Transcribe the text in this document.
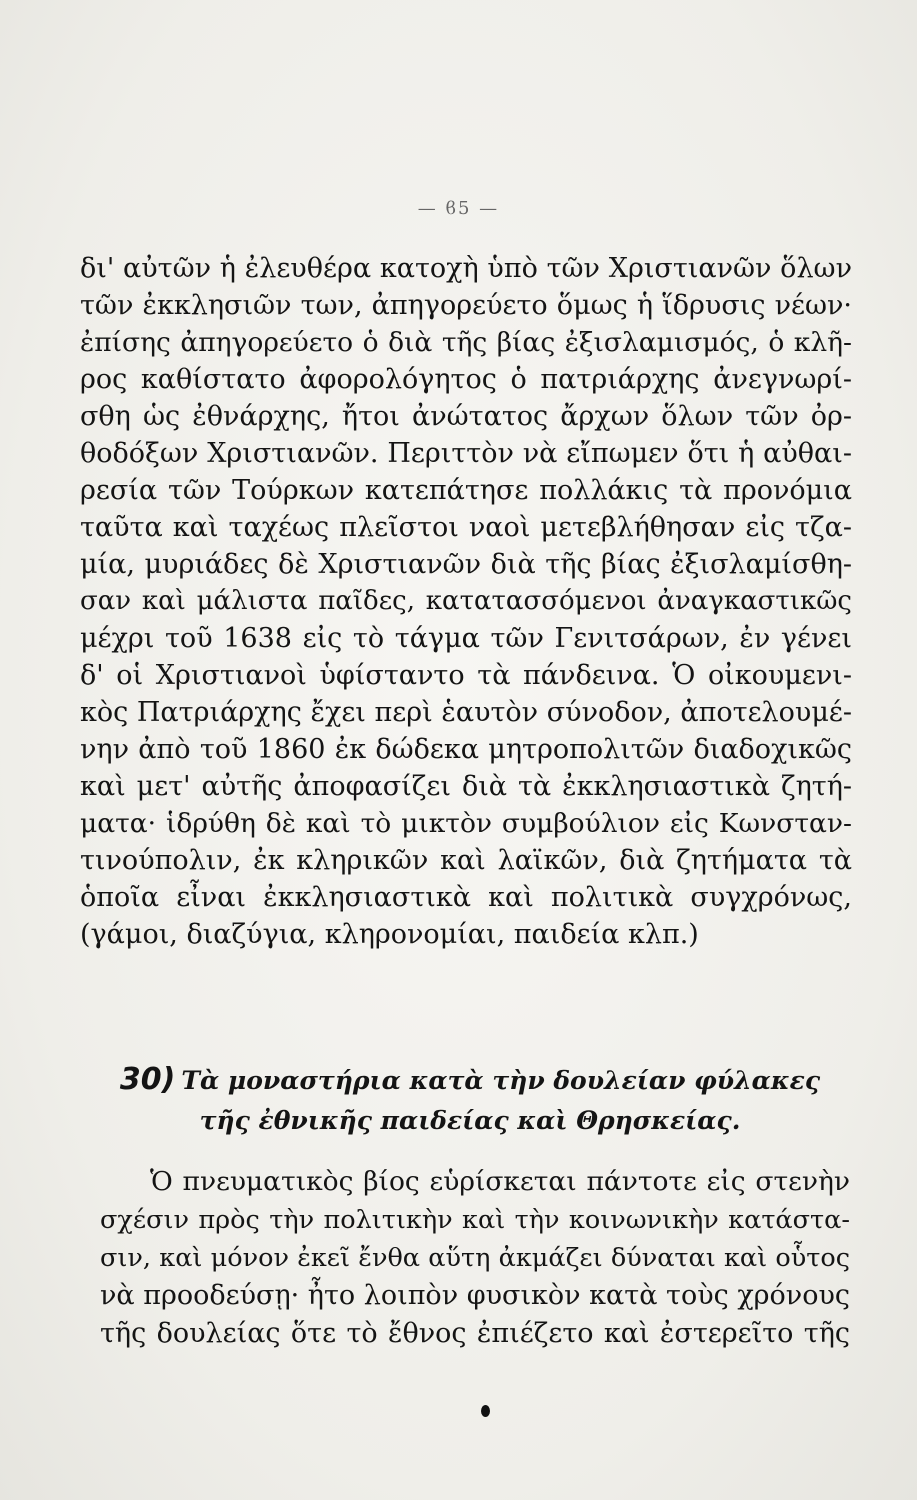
— ϐ5 —
δι' αὐτῶν ἡ ἐλευθέρα κατοχὴ ὑπὸ τῶν Χριστιανῶν ὅλων
τῶν ἐκκλησιῶν των, ἀπηγορεύετο ὅμως ἡ ἵδρυσις νέων·
ἐπίσης ἀπηγορεύετο ὁ διὰ τῆς βίας ἐξισλαμισμός, ὁ κλῆ-
ρος καθίστατο ἀφορολόγητος ὁ πατριάρχης ἀνεγνωρί-
σθη ὡς ἐθνάρχης, ἤτοι ἀνώτατος ἄρχων ὅλων τῶν ὀρ-
θοδόξων Χριστιανῶν. Περιττὸν νὰ εἴπωμεν ὅτι ἡ αὐθαι-
ρεσία τῶν Τούρκων κατεπάτησε πολλάκις τὰ προνόμια
ταῦτα καὶ ταχέως πλεῖστοι ναοὶ μετεβλήθησαν εἰς τζα-
μία, μυριάδες δὲ Χριστιανῶν διὰ τῆς βίας ἐξισλαμίσθη-
σαν καὶ μάλιστα παῖδες, κατατασσόμενοι ἀναγκαστικῶς
μέχρι τοῦ 1638 εἰς τὸ τάγμα τῶν Γενιτσάρων, ἐν γένει
δ' οἱ Χριστιανοὶ ὑφίσταντο τὰ πάνδεινα. Ὁ οἰκουμενι-
κὸς Πατριάρχης ἔχει περὶ ἑαυτὸν σύνοδον, ἀποτελουμέ-
νην ἀπὸ τοῦ 1860 ἐκ δώδεκα μητροπολιτῶν διαδοχικῶς
καὶ μετ' αὐτῆς ἀποφασίζει διὰ τὰ ἐκκλησιαστικὰ ζητή-
ματα· ἱδρύθη δὲ καὶ τὸ μικτὸν συμβούλιον εἰς Κωνσταν-
τινούπολιν, ἐκ κληρικῶν καὶ λαϊκῶν, διὰ ζητήματα τὰ
ὁποῖα εἶναι ἐκκλησιαστικὰ καὶ πολιτικὰ συγχρόνως,
(γάμοι, διαζύγια, κληρονομίαι, παιδεία κλπ.)
30) Τὰ μοναστήρια κατὰ τὴν δουλείαν φύλακες
τῆς ἐθνικῆς παιδείας καὶ Θρησκείας.
Ὁ πνευματικὸς βίος εὑρίσκεται πάντοτε εἰς στενὴν
σχέσιν πρὸς τὴν πολιτικὴν καὶ τὴν κοινωνικὴν κατάστα-
σιν, καὶ μόνον ἐκεῖ ἔνθα αὕτη ἀκμάζει δύναται καὶ οὗτος
νὰ προοδεύσῃ· ἦτο λοιπὸν φυσικὸν κατὰ τοὺς χρόνους
τῆς δουλείας ὅτε τὸ ἔθνος ἐπιέζετο καὶ ἐστερεῖτο τῆς
